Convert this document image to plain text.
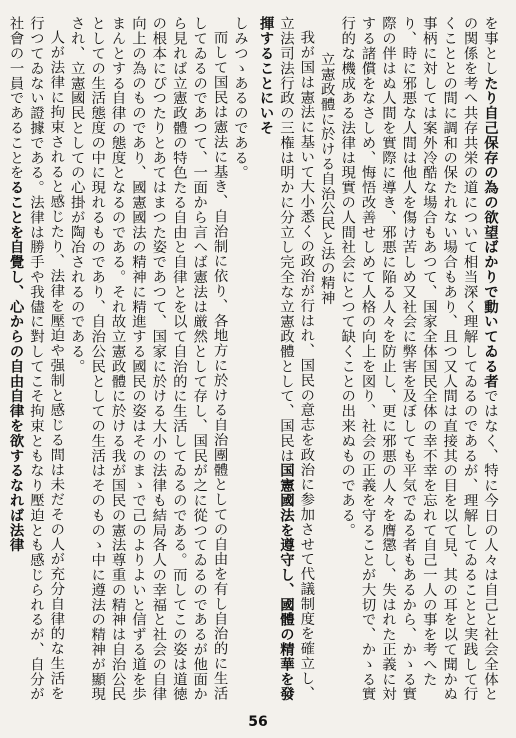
を事としたり自己保存の為の欲望ばかりで動いてゐる者ではなく、特に今日の人々は自己と社会全体との関係を考へ共存共栄の道について相当深く理解してゐるのであるが、理解してゐることと実践して行くこととの間に調和の保たれない場合もあり、且つ又人間は直接其の目を以て見、其の耳を以て聞かぬ事柄に対しては案外冷酷な場合もあつて、国家全体国民全体の幸不幸を忘れて自己一人の事を考へたり、時に邪悪な人間は他人を傷け苦しめ又社会に弊害を及ぼしても平気でゐる者もあるから、かゝる實際の伴はぬ人間を實際に導き、邪悪に陥る人々を防止し、更に邪悪の人々を膺懲し、失はれた正義に対する諸償をなさしめ、悔悟改善せしめて人格の向上を図り、社会の正義を守ることが大切で、かゝる實行的な機成ある法律は現實の人間社会にとつて缺くことの出来ぬものである。

立憲政體に於ける自治公民と法の精神

我が国は憲法に基いて大小悉くの政治が行はれ、国民の意志を政治に参加させて代議制度を確立し、立法司法行政の三権は明かに分立し完全な立憲政體として、国民は国憲國法を遵守し、國體の精華を發揮することにいそ

しみつゝあるのである。

而して国民は憲法に基き、自治制に依り、各地方に於ける自治團體としての自由を有し自治的に生活してゐるのであつて、一面から言へば憲法は厳然として存し、国民が之に從つてゐるのであるが他面から見れば立憲政體の特色たる自由と自律とを以て自治的に生活してゐるのである。而してこの姿は道徳の根本にぴつたりとあてはまつた姿であつて、国家に於ける大小の法律も結局各人の幸福と社会の自律向上の為のものであり、國憲國法の精神に精進する國民の姿はそのまゝで己のよりよいと信ずる道を歩まんとする自律の態度となるのである。それ故立憲政體に於ける我が国民の憲法尊重の精神は自治公民としての生活態度の中に現れるものであり、自治公民としての生活はそのものゝ中に遵法の精神が顯現され、立憲國民としての心掛が陶冶されるのである。

人が法律に拘束されると感じたり、法律を壓迫や强制と感じる間は未だその人が充分自律的な生活を行つてゐない證據である。法律は勝手や我儘に對してこそ拘束ともなり壓迫とも感じられるが、自分が社會の一員であることをることを自覺し、心からの自由自律を欲するなれば法律

56
